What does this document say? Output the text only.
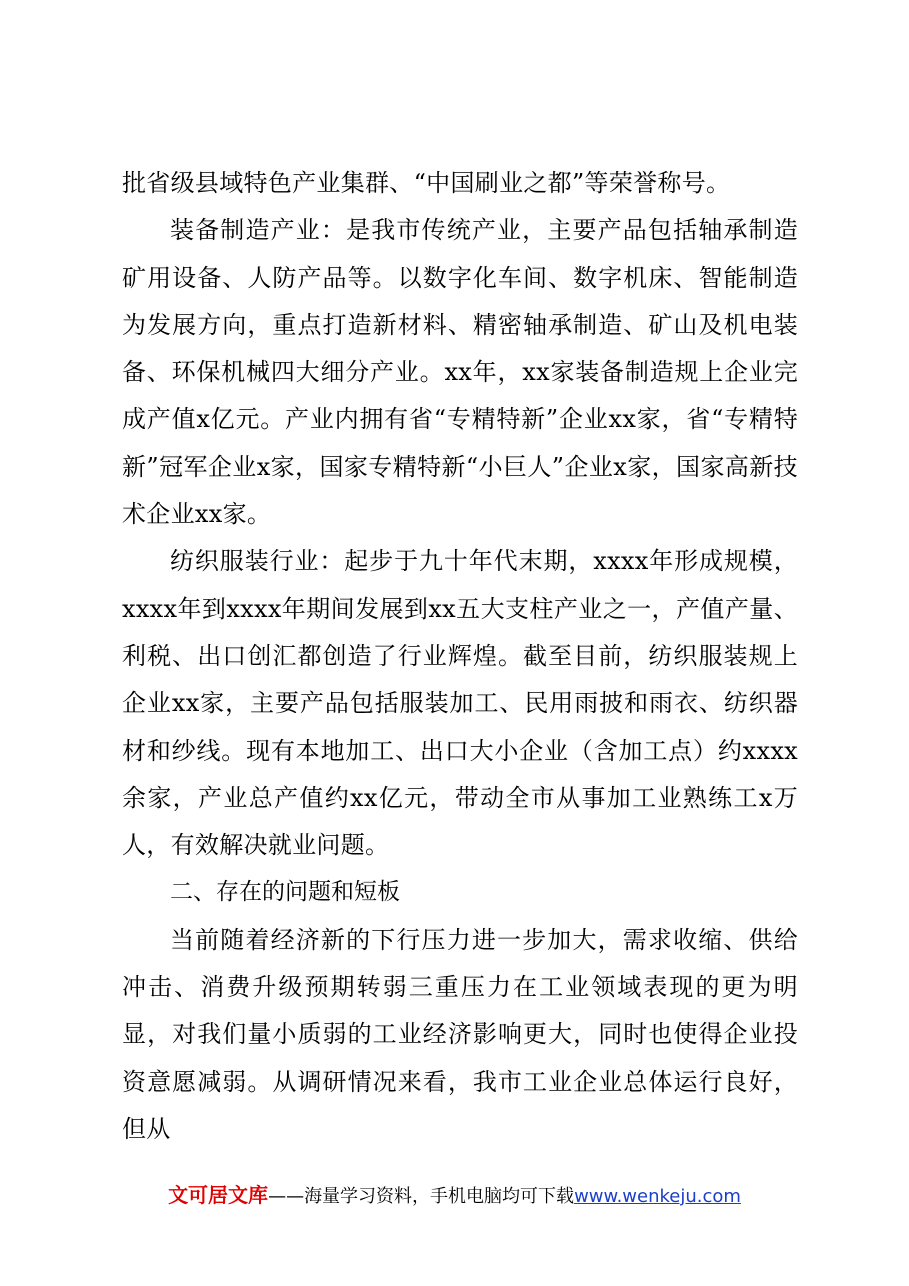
批省级县域特色产业集群、“中国刷业之都”等荣誉称号。

装备制造产业：是我市传统产业，主要产品包括轴承制造矿用设备、人防产品等。以数字化车间、数字机床、智能制造为发展方向，重点打造新材料、精密轴承制造、矿山及机电装备、环保机械四大细分产业。xx年，xx家装备制造规上企业完成产值x亿元。产业内拥有省“专精特新”企业xx家，省“专精特新”冠军企业x家，国家专精特新“小巨人”企业x家，国家高新技术企业xx家。

纺织服装行业：起步于九十年代末期，xxxx年形成规模，xxxx年到xxxx年期间发展到xx五大支柱产业之一，产值产量、利税、出口创汇都创造了行业辉煌。截至目前，纺织服装规上企业xx家，主要产品包括服装加工、民用雨披和雨衣、纺织器材和纱线。现有本地加工、出口大小企业（含加工点）约xxxx余家，产业总产值约xx亿元，带动全市从事加工业熟练工x万人，有效解决就业问题。

二、存在的问题和短板

当前随着经济新的下行压力进一步加大，需求收缩、供给冲击、消费升级预期转弱三重压力在工业领域表现的更为明显，对我们量小质弱的工业经济影响更大，同时也使得企业投资意愿减弱。从调研情况来看，我市工业企业总体运行良好，但从

文可居文库——海量学习资料，手机电脑均可下载www.wenkeju.com
